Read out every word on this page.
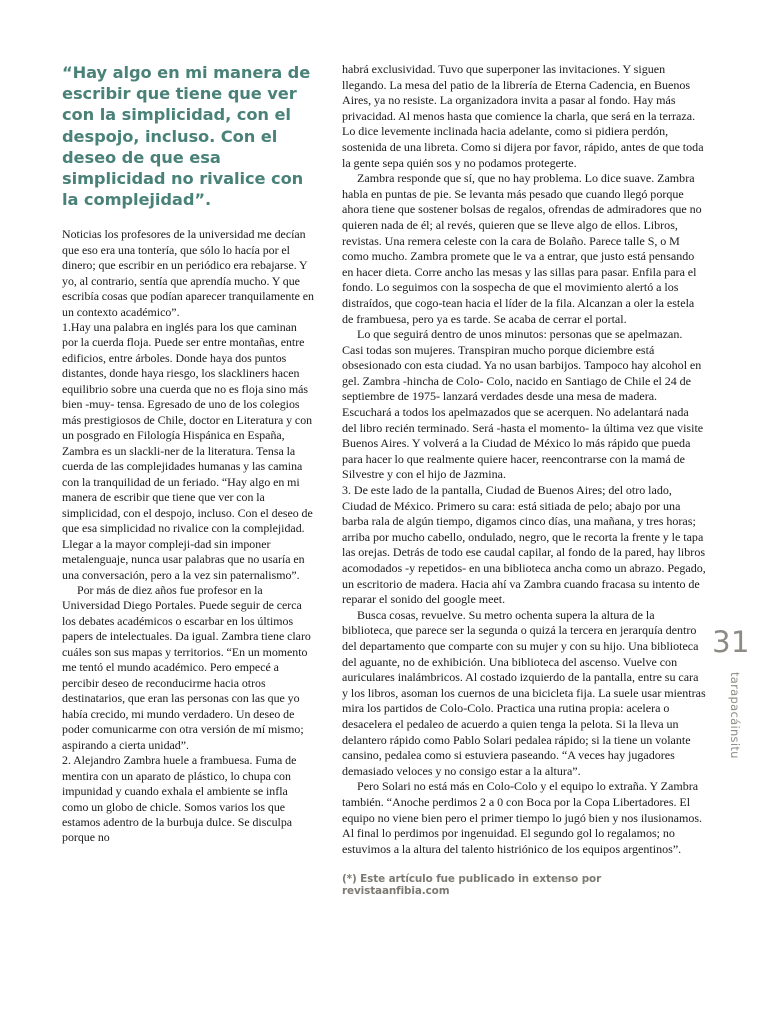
“Hay algo en mi manera de escribir que tiene que ver con la simplicidad, con el despojo, incluso. Con el deseo de que esa simplicidad no rivalice con la complejidad”.

Noticias los profesores de la universidad me decían que eso era una tontería, que sólo lo hacía por el dinero; que escribir en un periódico era rebajarse. Y yo, al contrario, sentía que aprendía mucho. Y que escribía cosas que podían aparecer tranquilamente en un contexto académico”.

1.Hay una palabra en inglés para los que caminan por la cuerda floja. Puede ser entre montañas, entre edificios, entre árboles. Donde haya dos puntos distantes, donde haya riesgo, los slackliners hacen equilibrio sobre una cuerda que no es floja sino más bien -muy- tensa. Egresado de uno de los colegios más prestigiosos de Chile, doctor en Literatura y con un posgrado en Filología Hispánica en España, Zambra es un slackli-ner de la literatura. Tensa la cuerda de las complejidades humanas y las camina con la tranquilidad de un feriado. “Hay algo en mi manera de escribir que tiene que ver con la simplicidad, con el despojo, incluso. Con el deseo de que esa simplicidad no rivalice con la complejidad. Llegar a la mayor compleji-dad sin imponer metalenguaje, nunca usar palabras que no usaría en una conversación, pero a la vez sin paternalismo”.

Por más de diez años fue profesor en la Universidad Diego Portales. Puede seguir de cerca los debates académicos o escarbar en los últimos papers de intelectuales. Da igual. Zambra tiene claro cuáles son sus mapas y territorios. “En un momento me tentó el mundo académico. Pero empecé a percibir deseo de reconducirme hacia otros destinatarios, que eran las personas con las que yo había crecido, mi mundo verdadero. Un deseo de poder comunicarme con otra versión de mí mismo; aspirando a cierta unidad”.

2. Alejandro Zambra huele a frambuesa. Fuma de mentira con un aparato de plástico, lo chupa con impunidad y cuando exhala el ambiente se infla como un globo de chicle. Somos varios los que estamos adentro de la burbuja dulce. Se disculpa porque no

habrá exclusividad. Tuvo que superponer las invitaciones. Y siguen llegando. La mesa del patio de la librería de Eterna Cadencia, en Buenos Aires, ya no resiste. La organizadora invita a pasar al fondo. Hay más privacidad. Al menos hasta que comience la charla, que será en la terraza. Lo dice levemente inclinada hacia adelante, como si pidiera perdón, sostenida de una libreta. Como si dijera por favor, rápido, antes de que toda la gente sepa quién sos y no podamos protegerte.

Zambra responde que sí, que no hay problema. Lo dice suave. Zambra habla en puntas de pie. Se levanta más pesado que cuando llegó porque ahora tiene que sostener bolsas de regalos, ofrendas de admiradores que no quieren nada de él; al revés, quieren que se lleve algo de ellos. Libros, revistas. Una remera celeste con la cara de Bolaño. Parece talle S, o M como mucho. Zambra promete que le va a entrar, que justo está pensando en hacer dieta. Corre ancho las mesas y las sillas para pasar. Enfila para el fondo. Lo seguimos con la sospecha de que el movimiento alertó a los distraídos, que cogo-tean hacia el líder de la fila. Alcanzan a oler la estela de frambuesa, pero ya es tarde. Se acaba de cerrar el portal.

Lo que seguirá dentro de unos minutos: personas que se apelmazan. Casi todas son mujeres. Transpiran mucho porque diciembre está obsesionado con esta ciudad. Ya no usan barbijos. Tampoco hay alcohol en gel. Zambra -hincha de Colo- Colo, nacido en Santiago de Chile el 24 de septiembre de 1975- lanzará verdades desde una mesa de madera. Escuchará a todos los apelmazados que se acerquen. No adelantará nada del libro recién terminado. Será -hasta el momento- la última vez que visite Buenos Aires. Y volverá a la Ciudad de México lo más rápido que pueda para hacer lo que realmente quiere hacer, reencontrarse con la mamá de Silvestre y con el hijo de Jazmina.

3. De este lado de la pantalla, Ciudad de Buenos Aires; del otro lado, Ciudad de México. Primero su cara: está sitiada de pelo; abajo por una barba rala de algún tiempo, digamos cinco días, una mañana, y tres horas; arriba por mucho cabello, ondulado, negro, que le recorta la frente y le tapa las orejas. Detrás de todo ese caudal capilar, al fondo de la pared, hay libros acomodados -y repetidos- en una biblioteca ancha como un abrazo. Pegado, un escritorio de madera. Hacia ahí va Zambra cuando fracasa su intento de reparar el sonido del google meet.

Busca cosas, revuelve. Su metro ochenta supera la altura de la biblioteca, que parece ser la segunda o quizá la tercera en jerarquía dentro del departamento que comparte con su mujer y con su hijo. Una biblioteca del aguante, no de exhibición. Una biblioteca del ascenso. Vuelve con auriculares inalámbricos. Al costado izquierdo de la pantalla, entre su cara y los libros, asoman los cuernos de una bicicleta fija. La suele usar mientras mira los partidos de Colo-Colo. Practica una rutina propia: acelera o desacelera el pedaleo de acuerdo a quien tenga la pelota. Si la lleva un delantero rápido como Pablo Solari pedalea rápido; si la tiene un volante cansino, pedalea como si estuviera paseando. “A veces hay jugadores demasiado veloces y no consigo estar a la altura”.

Pero Solari no está más en Colo-Colo y el equipo lo extraña. Y Zambra también. “Anoche perdimos 2 a 0 con Boca por la Copa Libertadores. El equipo no viene bien pero el primer tiempo lo jugó bien y nos ilusionamos. Al final lo perdimos por ingenuidad. El segundo gol lo regalamos; no estuvimos a la altura del talento histriónico de los equipos argentinos”.

(*) Este artículo fue publicado in extenso por revistaanfibia.com

31
tarapacáinsitu
